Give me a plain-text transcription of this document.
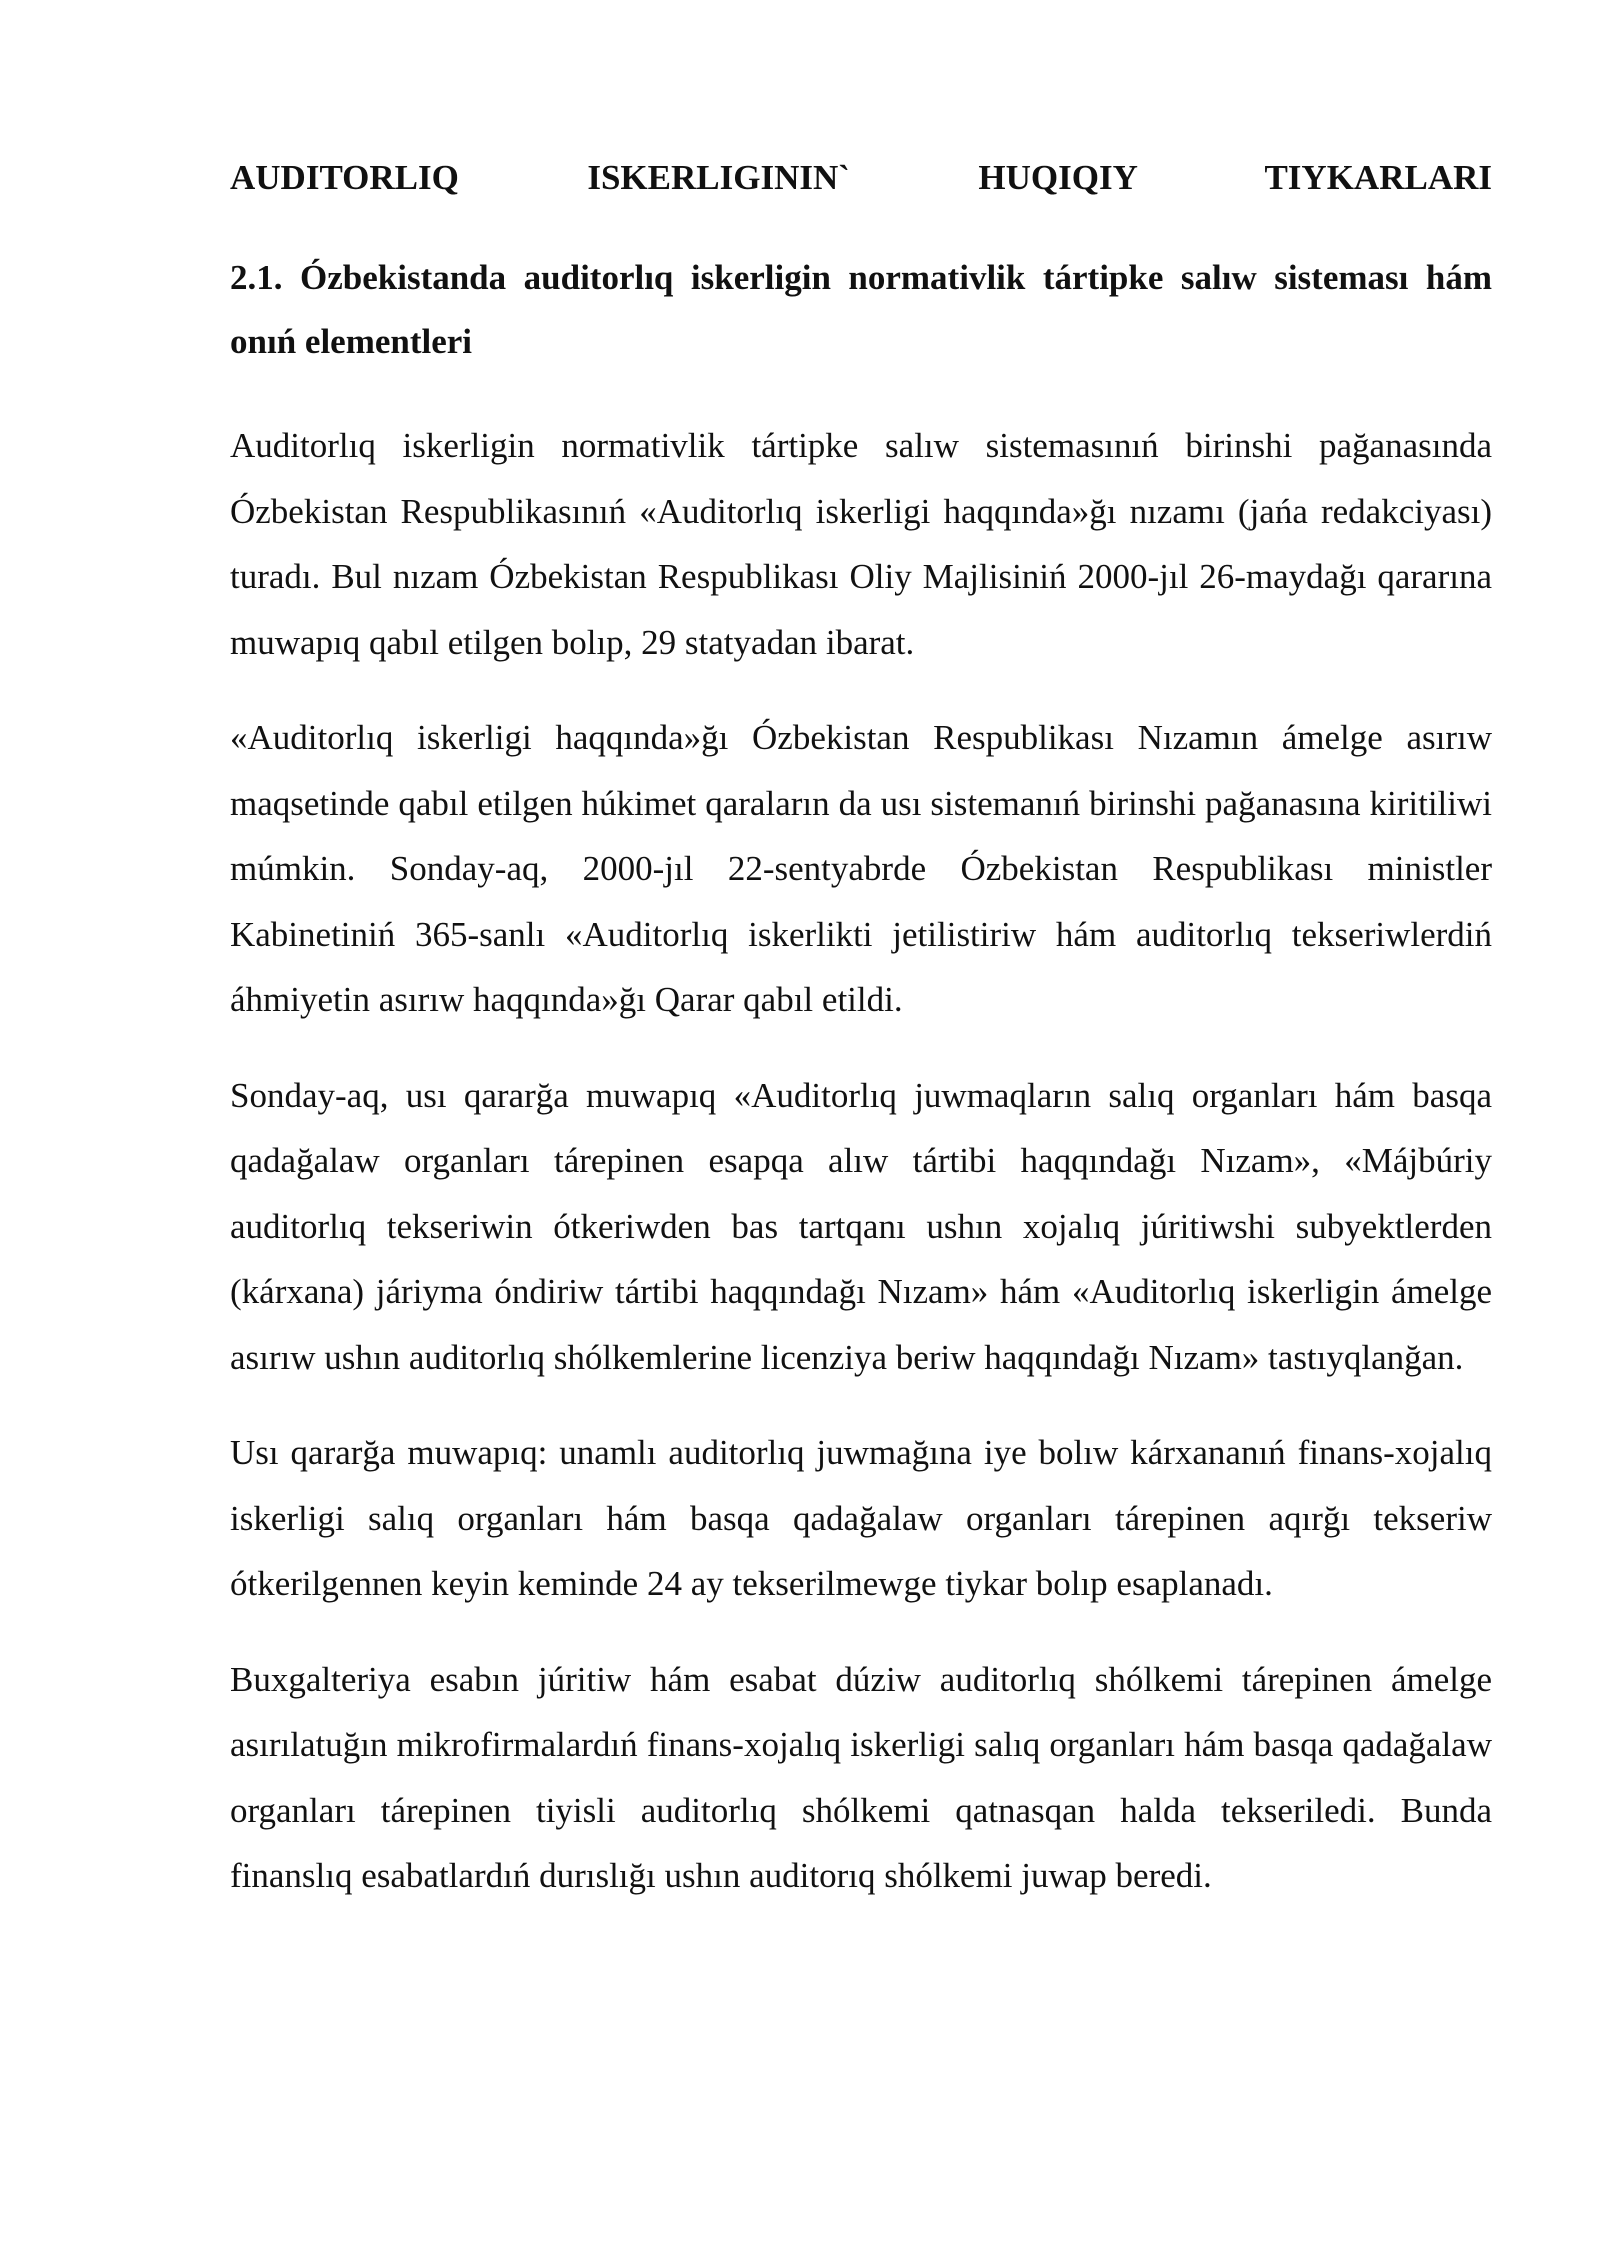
AUDITORLIQ ISKERLIGININ` HUQIQIY TIYKARLARI
2.1. Ózbekistanda auditorlıq iskerligin normativlik tártipke salıw sisteması hám onıń elementleri

Auditorlıq iskerligin normativlik tártipke salıw sistemasınıń birinshi pağanasında Ózbekistan Respublikasınıń «Auditorlıq iskerligi haqqında»ğı nızamı (jańa redakciyası) turadı. Bul nızam Ózbekistan Respublikası Oliy Majlisiniń 2000-jıl 26-maydağı qararına muwapıq qabıl etilgen bolıp, 29 statyadan ibarat.

«Auditorlıq iskerligi haqqında»ğı Ózbekistan Respublikası Nızamın ámelge asırıw maqsetinde qabıl etilgen húkimet qaraların da usı sistemanıń birinshi pağanasına kiritiliwi múmkin. Sonday-aq, 2000-jıl 22-sentyabrde Ózbekistan Respublikası ministler Kabinetiniń 365-sanlı «Auditorlıq iskerlikti jetilistiriw hám auditorlıq tekseriwlerdiń áhmiyetin asırıw haqqında»ğı Qarar qabıl etildi.

Sonday-aq, usı qararğa muwapıq «Auditorlıq juwmaqların salıq organları hám basqa qadağalaw organları tárepinen esapqa alıw tártibi haqqındağı Nızam», «Májbúriy auditorlıq tekseriwin ótkeriwden bas tartqanı ushın xojalıq júritiwshi subyektlerden (kárxana) járiyma óndiriw tártibi haqqındağı Nızam» hám «Auditorlıq iskerligin ámelge asırıw ushın auditorlıq shólkemlerine licenziya beriw haqqındağı Nızam» tastıyqlanğan.

Usı qararğa muwapıq: unamlı auditorlıq juwmağına iye bolıw kárxananıń finans-xojalıq iskerligi salıq organları hám basqa qadağalaw organları tárepinen aqırğı tekseriw ótkerilgennen keyin keminde 24 ay tekserilmewge tiykar bolıp esaplanadı.

Buxgalteriya esabın júritiw hám esabat dúziw auditorlıq shólkemi tárepinen ámelge asırılatuğın mikrofirmalardıń finans-xojalıq iskerligi salıq organları hám basqa qadağalaw organları tárepinen tiyisli auditorlıq shólkemi qatnasqan halda tekseriledi. Bunda finanslıq esabatlardıń durıslığı ushın auditorıq shólkemi juwap beredi.
